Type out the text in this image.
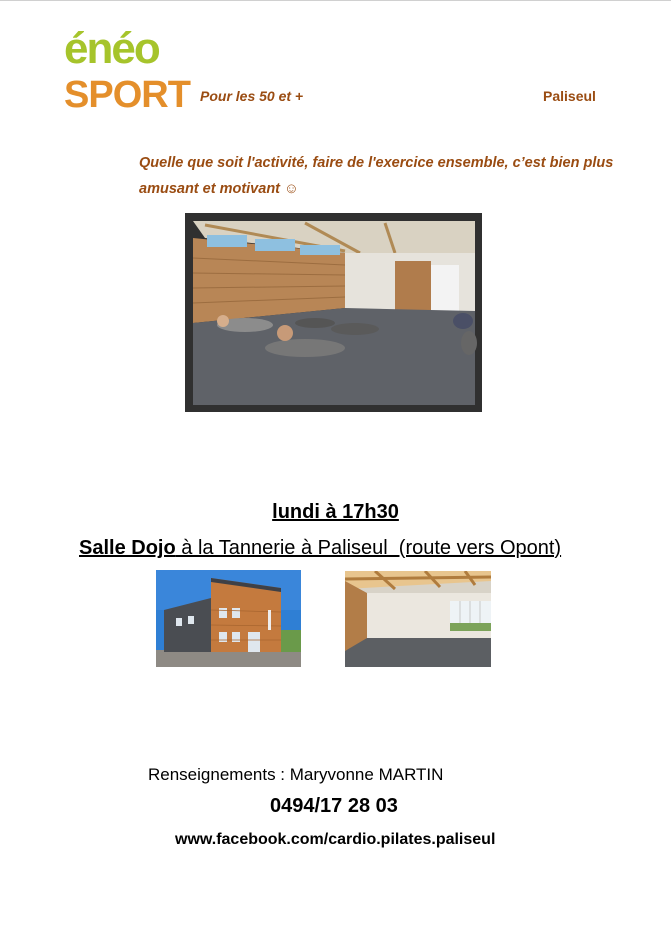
énéo
SPORT Pour les 50 et +	Paliseul
Quelle que soit l'activité, faire de l'exercice ensemble, c’est bien plus amusant et motivant ☺
lundi à 17h30
Salle Dojo à la Tannerie à Paliseul  (route vers Opont)
Renseignements : Maryvonne MARTIN
0494/17 28 03
www.facebook.com/cardio.pilates.paliseul
